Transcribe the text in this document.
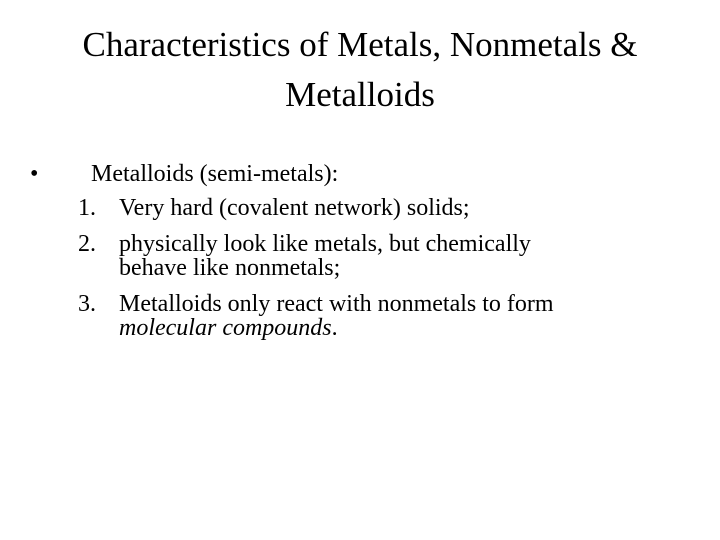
Characteristics of Metals, Nonmetals &
Metalloids
• Metalloids (semi-metals):
1. Very hard (covalent network) solids;
2. physically look like metals, but chemically
behave like nonmetals;
3. Metalloids only react with nonmetals to form
molecular compounds.
